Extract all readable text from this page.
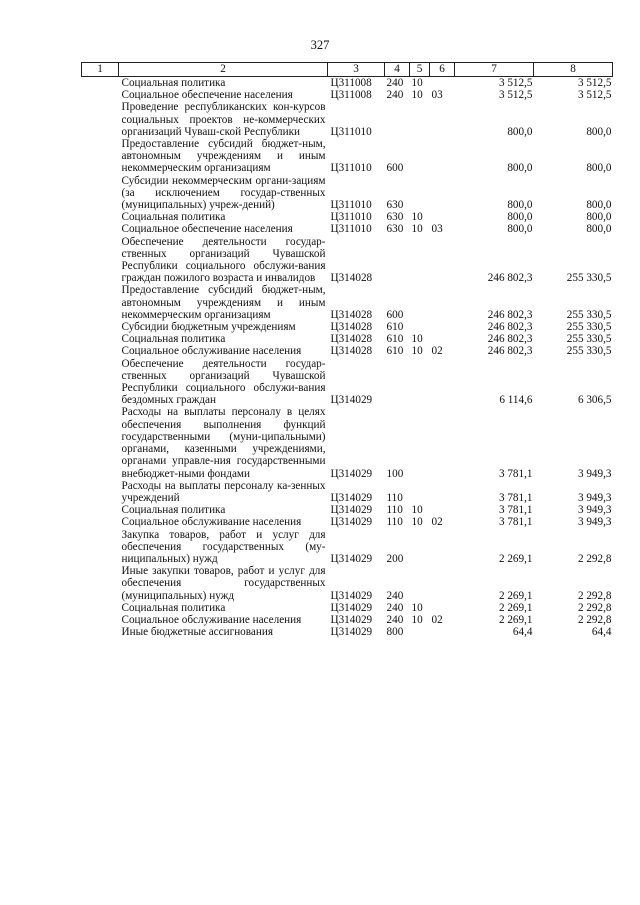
327
1	2	3	4	5	6	7	8
	Социальная политика	Ц311008	240	10		3 512,5	3 512,5
	Социальное обеспечение населения	Ц311008	240	10	03	3 512,5	3 512,5
	Проведение республиканских кон-курсов социальных проектов не-коммерческих организаций Чуваш-ской Республики	Ц311010				800,0	800,0
	Предоставление субсидий бюджет-ным, автономным учреждениям и иным некоммерческим организациям	Ц311010	600			800,0	800,0
	Субсидии некоммерческим органи-зациям (за исключением государ-ственных (муниципальных) учреж-дений)	Ц311010	630			800,0	800,0
	Социальная политика	Ц311010	630	10		800,0	800,0
	Социальное обеспечение населения	Ц311010	630	10	03	800,0	800,0
	Обеспечение деятельности государ-ственных организаций Чувашской Республики социального обслужи-вания граждан пожилого возраста и инвалидов	Ц314028				246 802,3	255 330,5
	Предоставление субсидий бюджет-ным, автономным учреждениям и иным некоммерческим организациям	Ц314028	600			246 802,3	255 330,5
	Субсидии бюджетным учреждениям	Ц314028	610			246 802,3	255 330,5
	Социальная политика	Ц314028	610	10		246 802,3	255 330,5
	Социальное обслуживание населения	Ц314028	610	10	02	246 802,3	255 330,5
	Обеспечение деятельности государ-ственных организаций Чувашской Республики социального обслужи-вания бездомных граждан	Ц314029				6 114,6	6 306,5
	Расходы на выплаты персоналу в целях обеспечения выполнения функций государственными (муни-ципальными) органами, казенными учреждениями, органами управле-ния государственными внебюджет-ными фондами	Ц314029	100			3 781,1	3 949,3
	Расходы на выплаты персоналу ка-зенных учреждений	Ц314029	110			3 781,1	3 949,3
	Социальная политика	Ц314029	110	10		3 781,1	3 949,3
	Социальное обслуживание населения	Ц314029	110	10	02	3 781,1	3 949,3
	Закупка товаров, работ и услуг для обеспечения государственных (му-ниципальных) нужд	Ц314029	200			2 269,1	2 292,8
	Иные закупки товаров, работ и услуг для обеспечения государственных (муниципальных) нужд	Ц314029	240			2 269,1	2 292,8
	Социальная политика	Ц314029	240	10		2 269,1	2 292,8
	Социальное обслуживание населения	Ц314029	240	10	02	2 269,1	2 292,8
	Иные бюджетные ассигнования	Ц314029	800			64,4	64,4
